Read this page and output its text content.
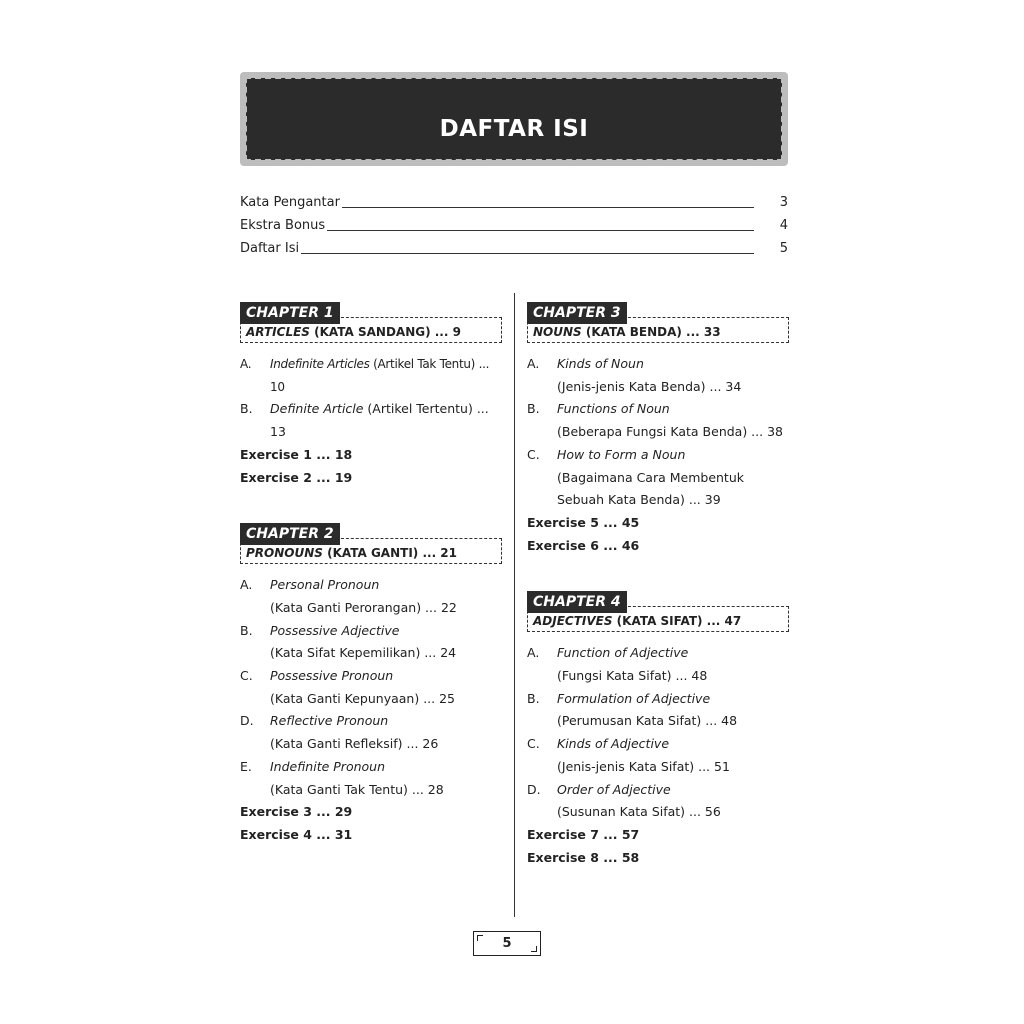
DAFTAR ISI
Kata Pengantar	3
Ekstra Bonus	4
Daftar Isi	5
CHAPTER 1
ARTICLES (KATA SANDANG) ... 9
A. Indefinite Articles (Artikel Tak Tentu) ... 10
B. Definite Article (Artikel Tertentu) ... 13
Exercise 1 ... 18
Exercise 2 ... 19
CHAPTER 2
PRONOUNS (KATA GANTI) ... 21
A. Personal Pronoun
(Kata Ganti Perorangan) ... 22
B. Possessive Adjective
(Kata Sifat Kepemilikan) ... 24
C. Possessive Pronoun
(Kata Ganti Kepunyaan) ... 25
D. Reflective Pronoun
(Kata Ganti Refleksif) ... 26
E. Indefinite Pronoun
(Kata Ganti Tak Tentu) ... 28
Exercise 3 ... 29
Exercise 4 ... 31
CHAPTER 3
NOUNS (KATA BENDA) ... 33
A. Kinds of Noun
(Jenis-jenis Kata Benda) ... 34
B. Functions of Noun
(Beberapa Fungsi Kata Benda) ... 38
C. How to Form a Noun
(Bagaimana Cara Membentuk Sebuah Kata Benda) ... 39
Exercise 5 ... 45
Exercise 6 ... 46
CHAPTER 4
ADJECTIVES (KATA SIFAT) ... 47
A. Function of Adjective
(Fungsi Kata Sifat) ... 48
B. Formulation of Adjective
(Perumusan Kata Sifat) ... 48
C. Kinds of Adjective
(Jenis-jenis Kata Sifat) ... 51
D. Order of Adjective
(Susunan Kata Sifat) ... 56
Exercise 7 ... 57
Exercise 8 ... 58
5
